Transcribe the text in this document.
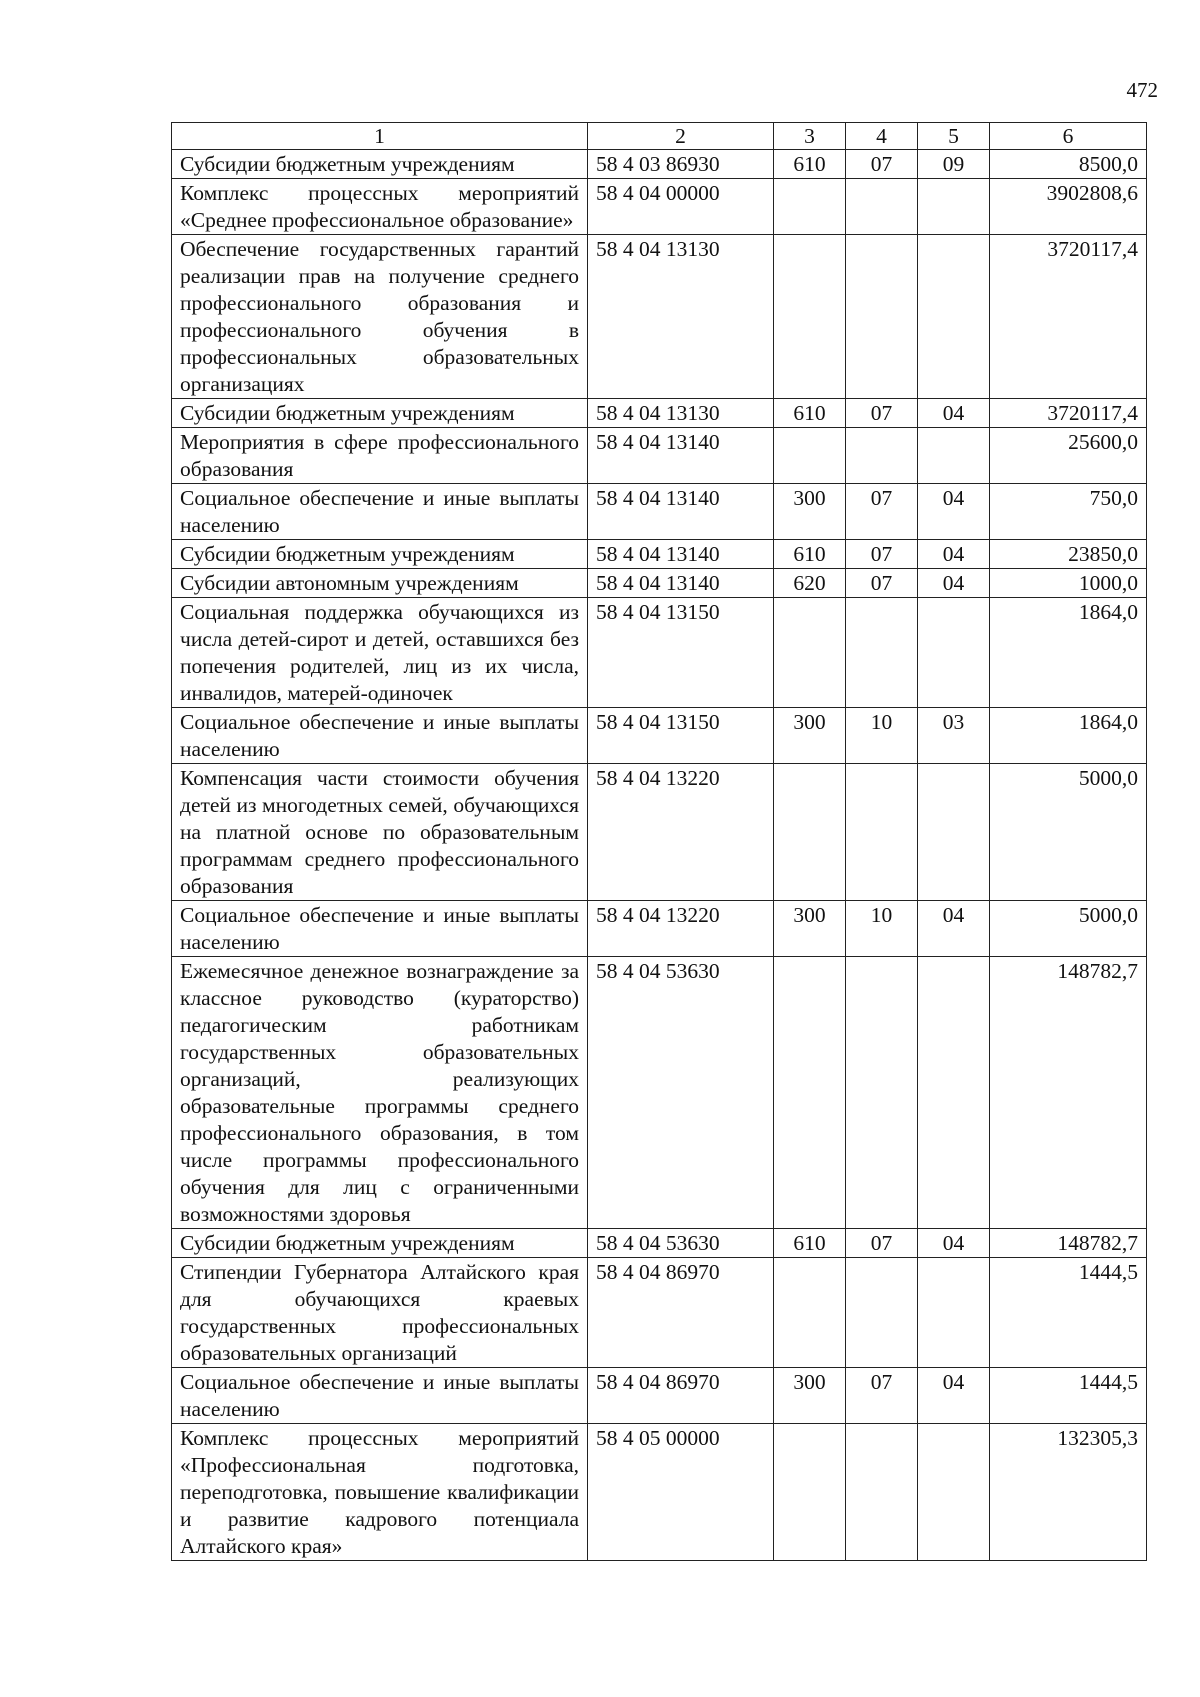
472
1	2	3	4	5	6
Субсидии бюджетным учреждениям	58 4 03 86930	610	07	09	8500,0
Комплекс процессных мероприятий «Среднее профессиональное образование»	58 4 04 00000				3902808,6
Обеспечение государственных гарантий реализации прав на получение среднего профессионального образования и профессионального обучения в профессиональных образовательных организациях	58 4 04 13130				3720117,4
Субсидии бюджетным учреждениям	58 4 04 13130	610	07	04	3720117,4
Мероприятия в сфере профессионального образования	58 4 04 13140				25600,0
Социальное обеспечение и иные выплаты населению	58 4 04 13140	300	07	04	750,0
Субсидии бюджетным учреждениям	58 4 04 13140	610	07	04	23850,0
Субсидии автономным учреждениям	58 4 04 13140	620	07	04	1000,0
Социальная поддержка обучающихся из числа детей-сирот и детей, оставшихся без попечения родителей, лиц из их числа, инвалидов, матерей-одиночек	58 4 04 13150				1864,0
Социальное обеспечение и иные выплаты населению	58 4 04 13150	300	10	03	1864,0
Компенсация части стоимости обучения детей из многодетных семей, обучающихся на платной основе по образовательным программам среднего профессионального образования	58 4 04 13220				5000,0
Социальное обеспечение и иные выплаты населению	58 4 04 13220	300	10	04	5000,0
Ежемесячное денежное вознаграждение за классное руководство (кураторство) педагогическим работникам государственных образовательных организаций, реализующих образовательные программы среднего профессионального образования, в том числе программы профессионального обучения для лиц с ограниченными возможностями здоровья	58 4 04 53630				148782,7
Субсидии бюджетным учреждениям	58 4 04 53630	610	07	04	148782,7
Стипендии Губернатора Алтайского края для обучающихся краевых государственных профессиональных образовательных организаций	58 4 04 86970				1444,5
Социальное обеспечение и иные выплаты населению	58 4 04 86970	300	07	04	1444,5
Комплекс процессных мероприятий «Профессиональная подготовка, переподготовка, повышение квалификации и развитие кадрового потенциала Алтайского края»	58 4 05 00000				132305,3
